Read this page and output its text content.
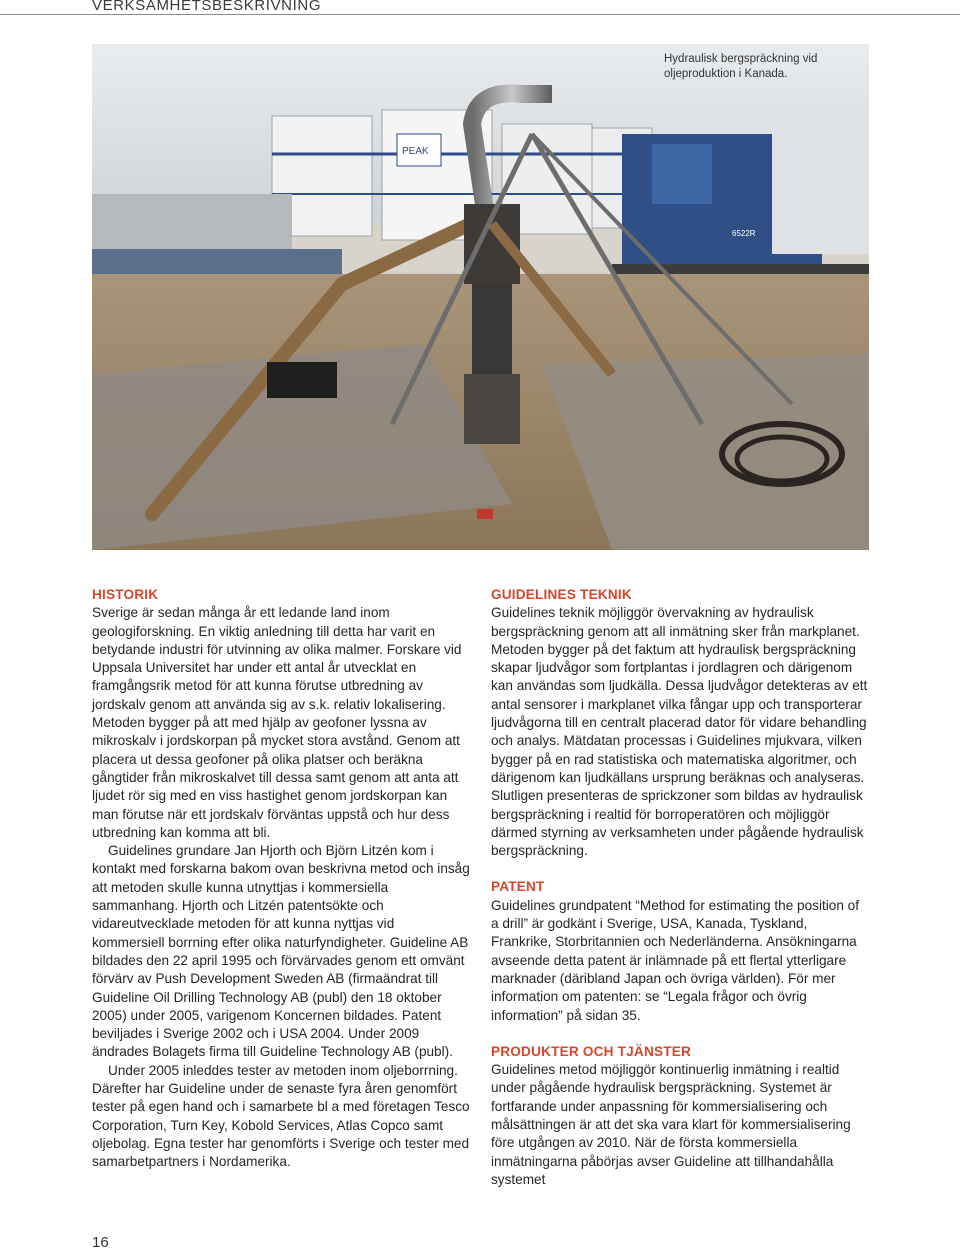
VERKSAMHETSBESKRIVNING
PEAK
6522R
Hydraulisk bergspräckning vid oljeproduktion i Kanada.
HISTORIK

Sverige är sedan många år ett ledande land inom geologiforskning. En viktig anledning till detta har varit en betydande industri för utvinning av olika malmer. Forskare vid Uppsala Universitet har under ett antal år utvecklat en framgångsrik metod för att kunna förutse utbredning av jordskalv genom att använda sig av s.k. relativ lokalisering. Metoden bygger på att med hjälp av geofoner lyssna av mikroskalv i jordskorpan på mycket stora avstånd. Genom att placera ut dessa geofoner på olika platser och beräkna gångtider från mikroskalvet till dessa samt genom att anta att ljudet rör sig med en viss hastighet genom jordskorpan kan man förutse när ett jordskalv förväntas uppstå och hur dess utbredning kan komma att bli.

Guidelines grundare Jan Hjorth och Björn Litzén kom i kontakt med forskarna bakom ovan beskrivna metod och insåg att metoden skulle kunna utnyttjas i kommersiella sammanhang. Hjorth och Litzén patentsökte och vidareutvecklade metoden för att kunna nyttjas vid kommersiell borrning efter olika naturfyndigheter. Guideline AB bildades den 22 april 1995 och förvärvades genom ett omvänt förvärv av Push Development Sweden AB (firmaändrat till Guideline Oil Drilling Technology AB (publ) den 18 oktober 2005) under 2005, varigenom Koncernen bildades. Patent beviljades i Sverige 2002 och i USA 2004. Under 2009 ändrades Bolagets firma till Guideline Technology AB (publ).

Under 2005 inleddes tester av metoden inom oljeborrning. Därefter har Guideline under de senaste fyra åren genomfört tester på egen hand och i samarbete bl a med företagen Tesco Corporation, Turn Key, Kobold Services, Atlas Copco samt oljebolag. Egna tester har genomförts i Sverige och tester med samarbetpartners i Nordamerika.

GUIDELINES TEKNIK

Guidelines teknik möjliggör övervakning av hydraulisk bergspräckning genom att all inmätning sker från markplanet. Metoden bygger på det faktum att hydraulisk bergspräckning skapar ljudvågor som fortplantas i jordlagren och därigenom kan användas som ljudkälla. Dessa ljudvågor detekteras av ett antal sensorer i markplanet vilka fångar upp och transporterar ljudvågorna till en centralt placerad dator för vidare behandling och analys. Mätdatan processas i Guidelines mjukvara, vilken bygger på en rad statistiska och matematiska algoritmer, och därigenom kan ljudkällans ursprung beräknas och analyseras. Slutligen presenteras de sprickzoner som bildas av hydraulisk bergspräckning i realtid för borroperatören och möjliggör därmed styrning av verksamheten under pågående hydraulisk bergspräckning.

PATENT

Guidelines grundpatent “Method for estimating the position of a drill” är godkänt i Sverige, USA, Kanada, Tyskland, Frankrike, Storbritannien och Nederländerna. Ansökningarna avseende detta patent är inlämnade på ett flertal ytterligare marknader (däribland Japan och övriga världen). För mer information om patenten: se “Legala frågor och övrig information” på sidan 35.

PRODUKTER OCH TJÄNSTER

Guidelines metod möjliggör kontinuerlig inmätning i realtid under pågående hydraulisk bergspräckning. Systemet är fortfarande under anpassning för kommersialisering och målsättningen är att det ska vara klart för kommersialisering före utgången av 2010. När de första kommersiella inmätningarna påbörjas avser Guideline att tillhandahålla systemet

16
